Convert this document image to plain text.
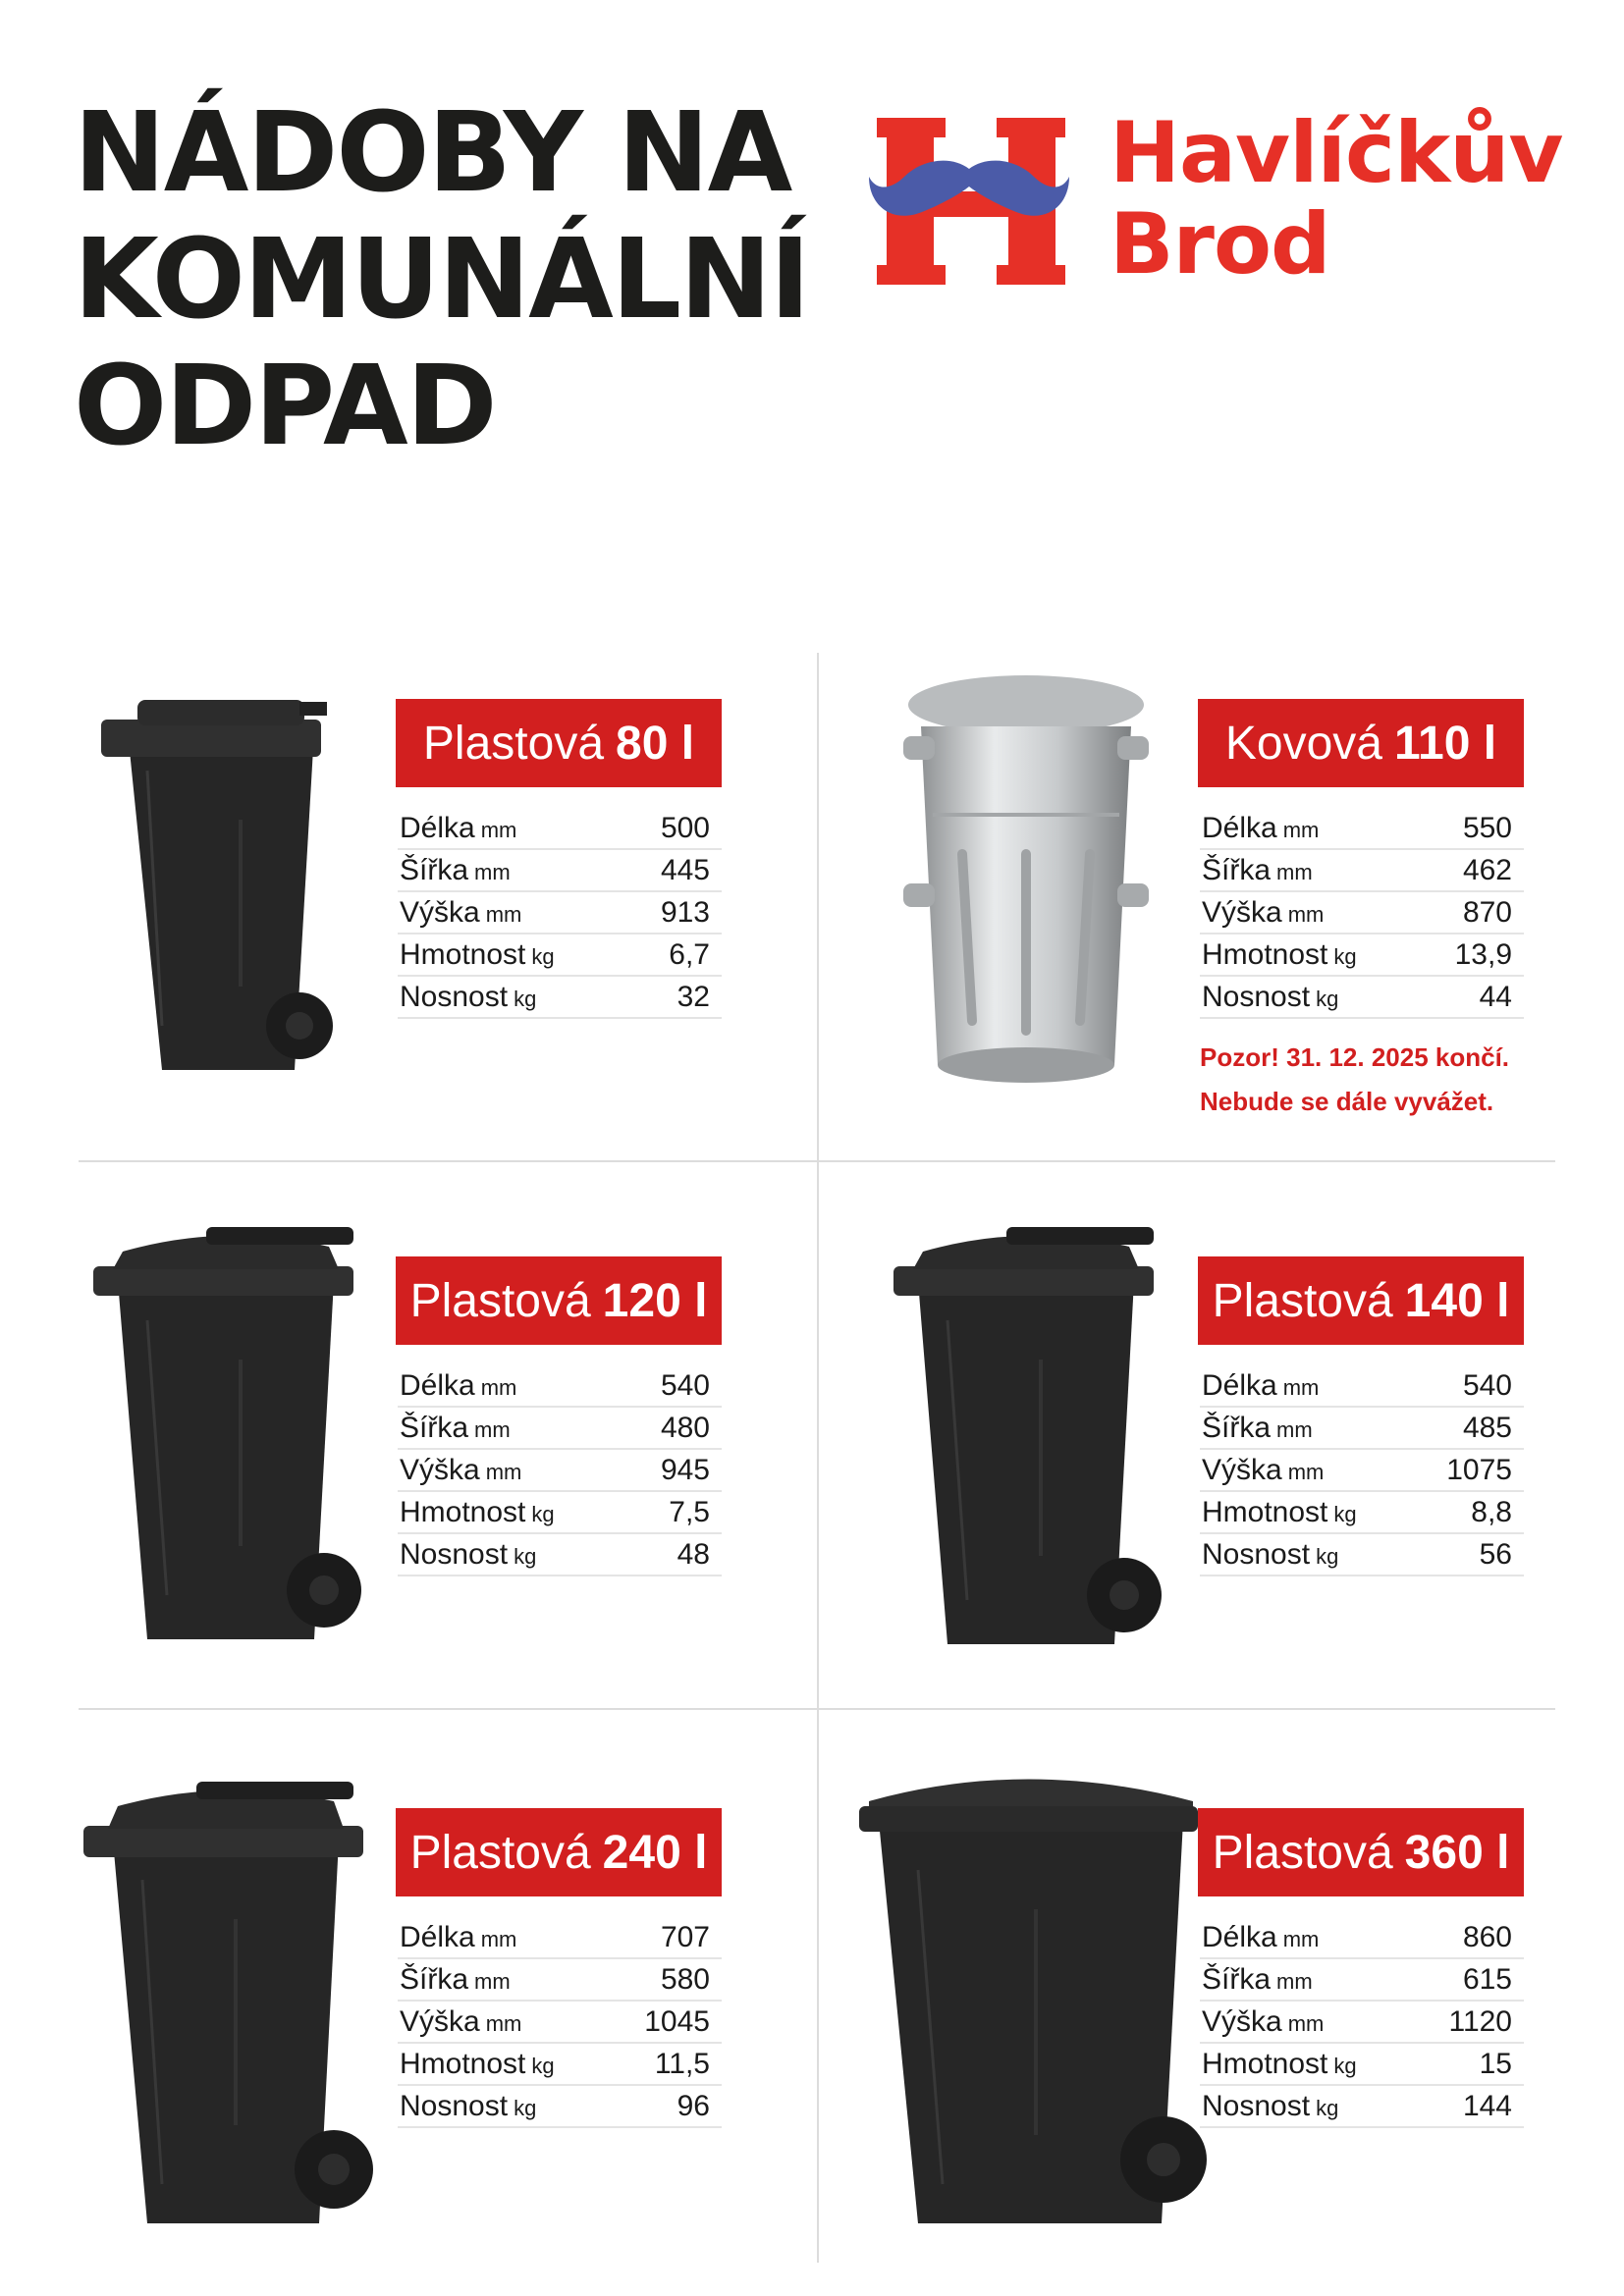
NÁDOBY NA
KOMUNÁLNÍ
ODPAD

Havlíčkův
Brod

Plastová 80 l
Délka mm	500
Šířka mm	445
Výška mm	913
Hmotnost kg	6,7
Nosnost kg	32
Kovová 110 l
Délka mm	550
Šířka mm	462
Výška mm	870
Hmotnost kg	13,9
Nosnost kg	44
Plastová 120 l
Délka mm	540
Šířka mm	480
Výška mm	945
Hmotnost kg	7,5
Nosnost kg	48
Plastová 140 l
Délka mm	540
Šířka mm	485
Výška mm	1075
Hmotnost kg	8,8
Nosnost kg	56
Plastová 240 l
Délka mm	707
Šířka mm	580
Výška mm	1045
Hmotnost kg	11,5
Nosnost kg	96
Plastová 360 l
Délka mm	860
Šířka mm	615
Výška mm	1120
Hmotnost kg	15
Nosnost kg	144

Pozor! 31. 12. 2025 končí.
Nebude se dále vyvážet.
